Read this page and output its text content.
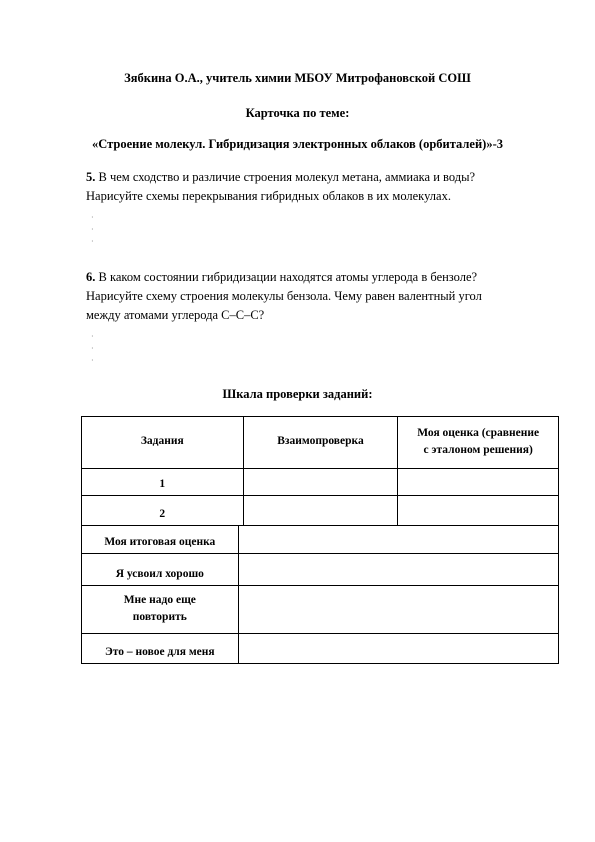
Зябкина О.А., учитель химии МБОУ Митрофановской СОШ
Карточка по теме:
«Строение молекул. Гибридизация электронных облаков (орбиталей)»-3
5. В чем сходство и различие строения молекул метана, аммиака и воды?
Нарисуйте схемы перекрывания гибридных облаков в их молекулах.
·
·
·
6. В каком состоянии гибридизации находятся атомы углерода в бензоле?
Нарисуйте схему строения молекулы бензола. Чему равен валентный угол
между атомами углерода С–С–С?
·
·
·
Шкала проверки заданий:
Задания		Взаимопроверка	Моя оценка (сравнение
с эталоном решения)

1			
2			
Моя итоговая оценка			
Я усвоил хорошо			

Мне надо еще
повторить			

Это – новое для меня			
